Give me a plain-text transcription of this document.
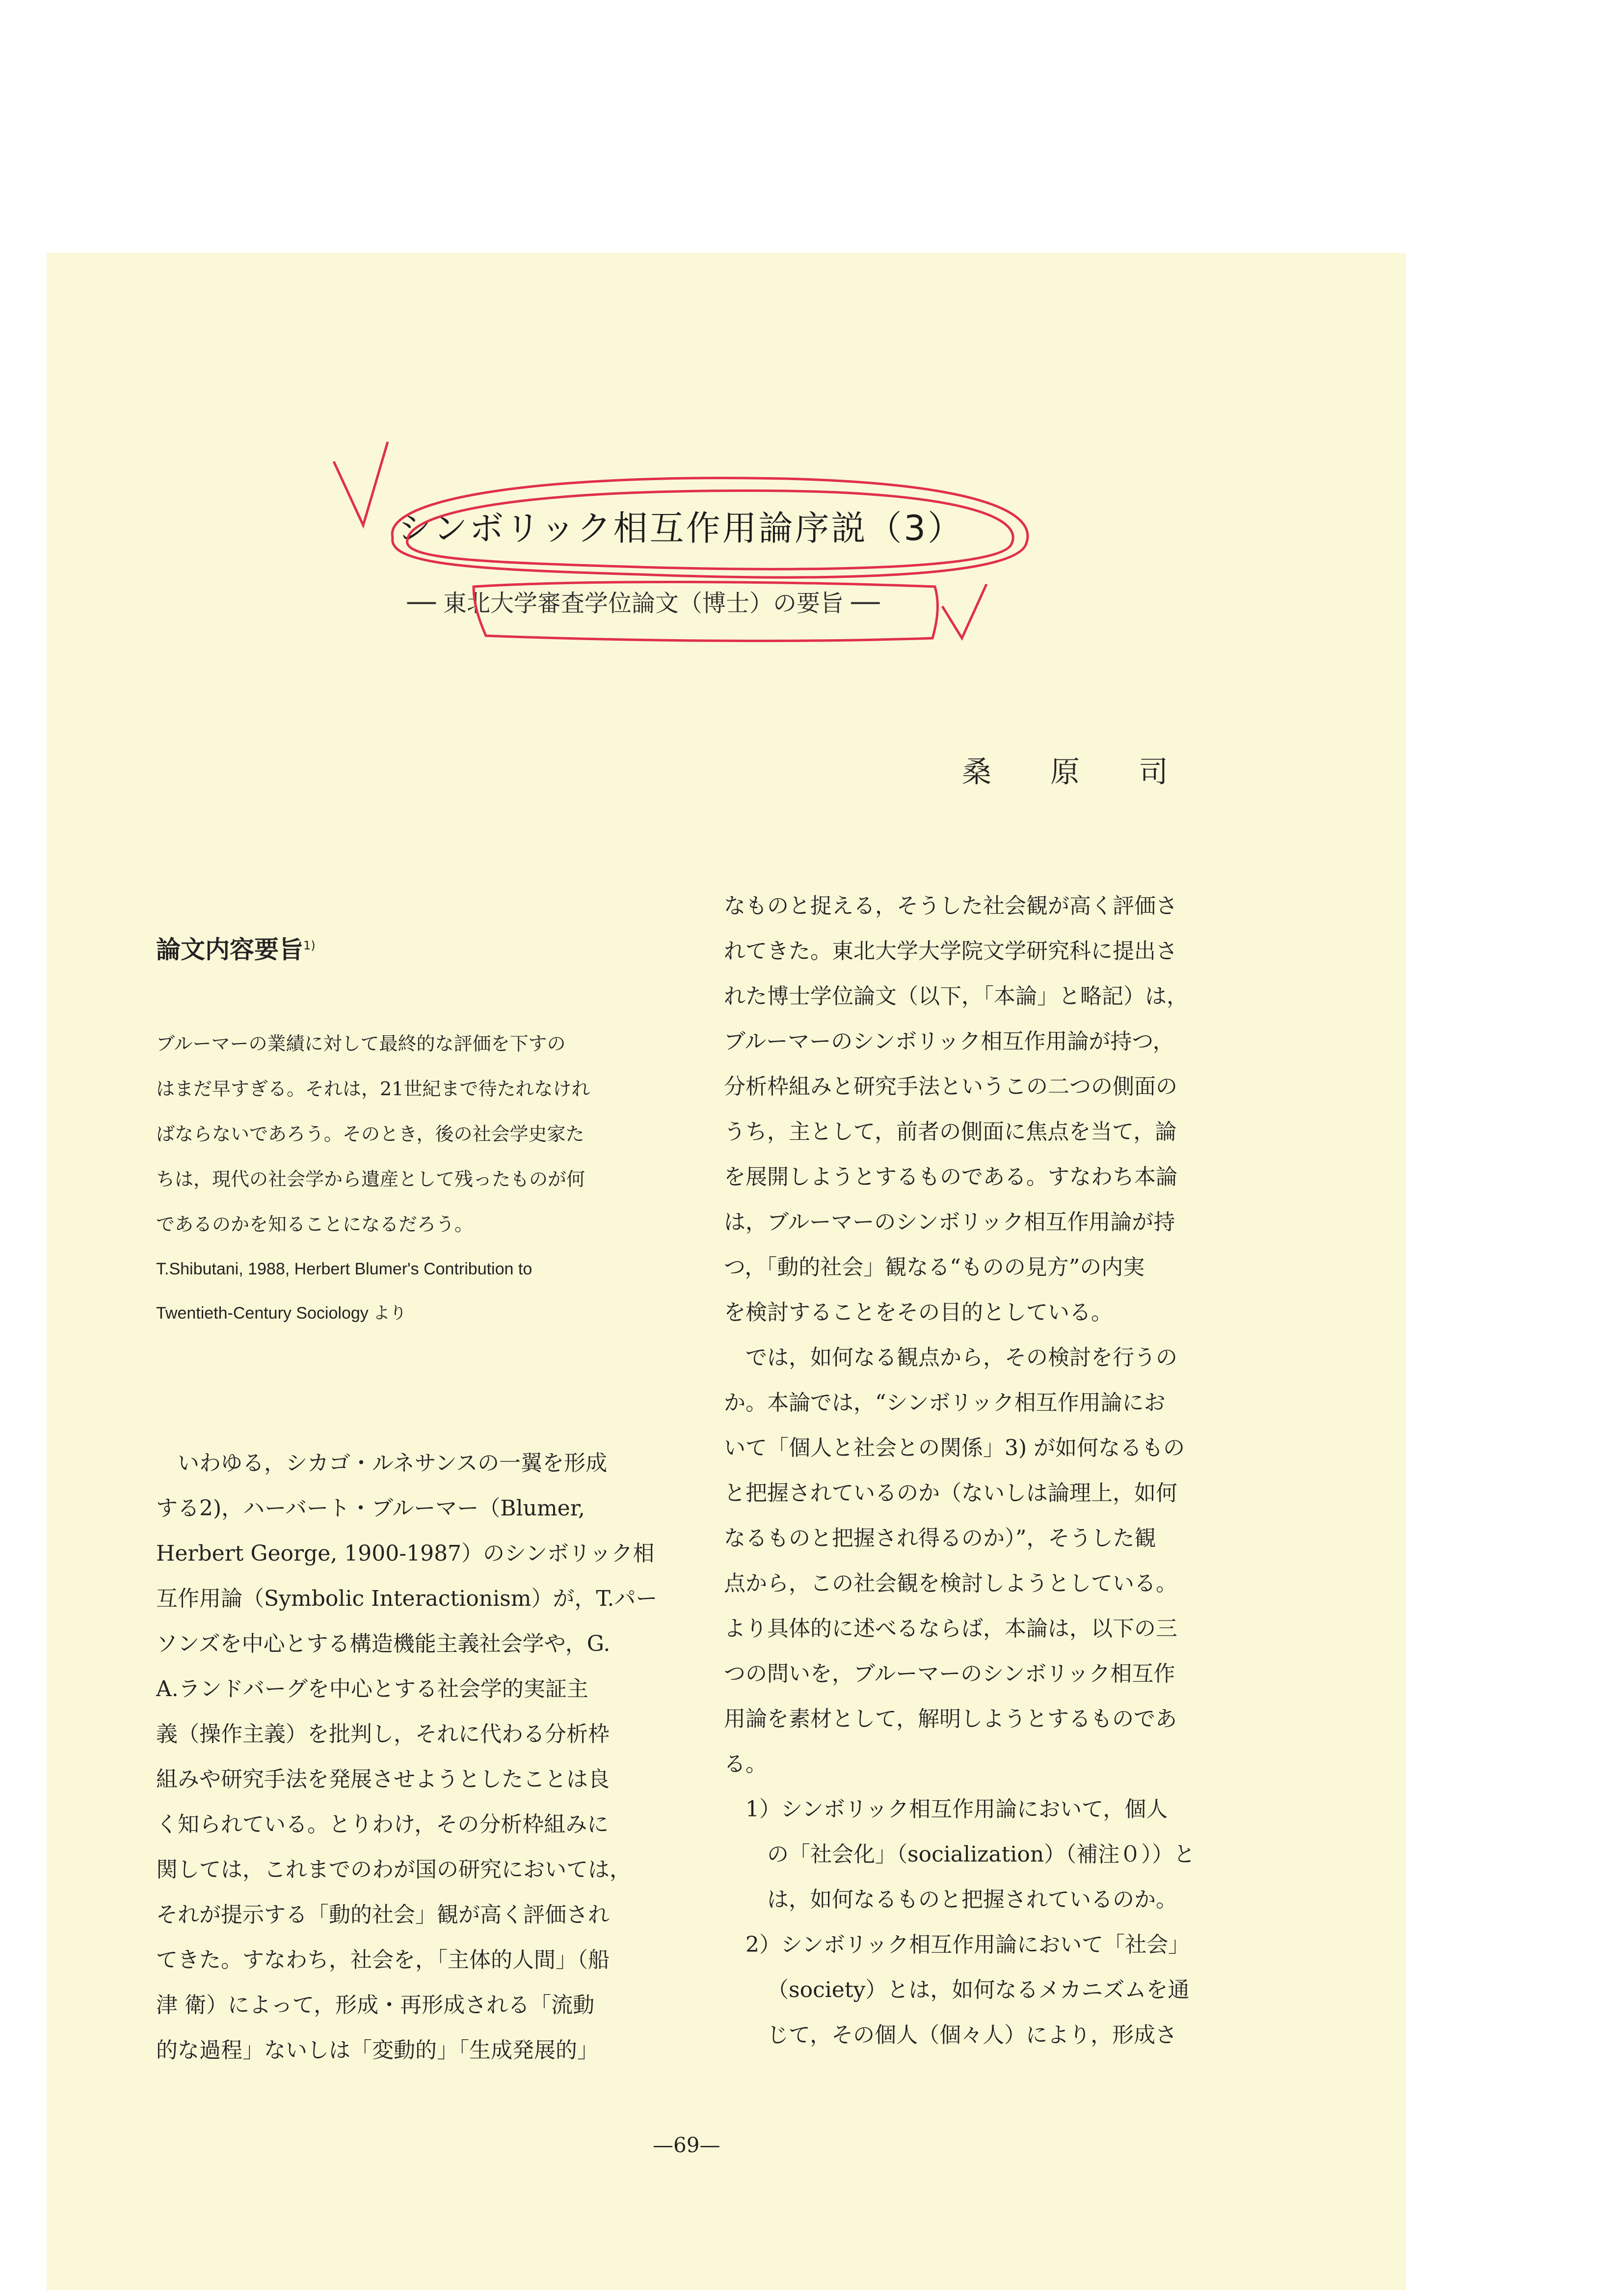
シンボリック相互作用論序説（3）
── 東北大学審査学位論文（博士）の要旨 ──
桑原司

論文内容要旨$^{1)}$

ブルーマーの業績に対して最終的な評価を下すの

はまだ早すぎる。それは，21世紀まで待たれなけれ

ばならないであろう。そのとき，後の社会学史家た

ちは，現代の社会学から遺産として残ったものが何

であるのかを知ることになるだろう。

T.Shibutani, 1988, Herbert Blumer's Contribution to

Twentieth-Century Sociology より

いわゆる，シカゴ・ルネサンスの一翼を形成

する2)，ハーバート・ブルーマー（Blumer,

Herbert George, 1900-1987）のシンボリック相

互作用論（Symbolic Interactionism）が，T.パー

ソンズを中心とする構造機能主義社会学や，G.

A.ランドバーグを中心とする社会学的実証主

義（操作主義）を批判し，それに代わる分析枠

組みや研究手法を発展させようとしたことは良

く知られている。とりわけ，その分析枠組みに

関しては，これまでのわが国の研究においては，

それが提示する「動的社会」観が高く評価され

てきた。すなわち，社会を，「主体的人間」（船

津 衛）によって，形成・再形成される「流動

的な過程」ないしは「変動的」「生成発展的」

なものと捉える，そうした社会観が高く評価さ

れてきた。東北大学大学院文学研究科に提出さ

れた博士学位論文（以下，「本論」と略記）は，

ブルーマーのシンボリック相互作用論が持つ，

分析枠組みと研究手法というこの二つの側面の

うち，主として，前者の側面に焦点を当て，論

を展開しようとするものである。すなわち本論

は，ブルーマーのシンボリック相互作用論が持

つ，「動的社会」観なる“ものの見方”の内実

を検討することをその目的としている。

では，如何なる観点から，その検討を行うの

か。本論では，“シンボリック相互作用論にお

いて「個人と社会との関係」3) が如何なるもの

と把握されているのか（ないしは論理上，如何

なるものと把握され得るのか）”，そうした観

点から，この社会観を検討しようとしている。

より具体的に述べるならば，本論は，以下の三

つの問いを，ブルーマーのシンボリック相互作

用論を素材として，解明しようとするものであ

る。

1）シンボリック相互作用論において，個人

の「社会化」（socialization）（補注０））と

は，如何なるものと把握されているのか。

2）シンボリック相互作用論において「社会」

（society）とは，如何なるメカニズムを通

じて，その個人（個々人）により，形成さ

—69—
